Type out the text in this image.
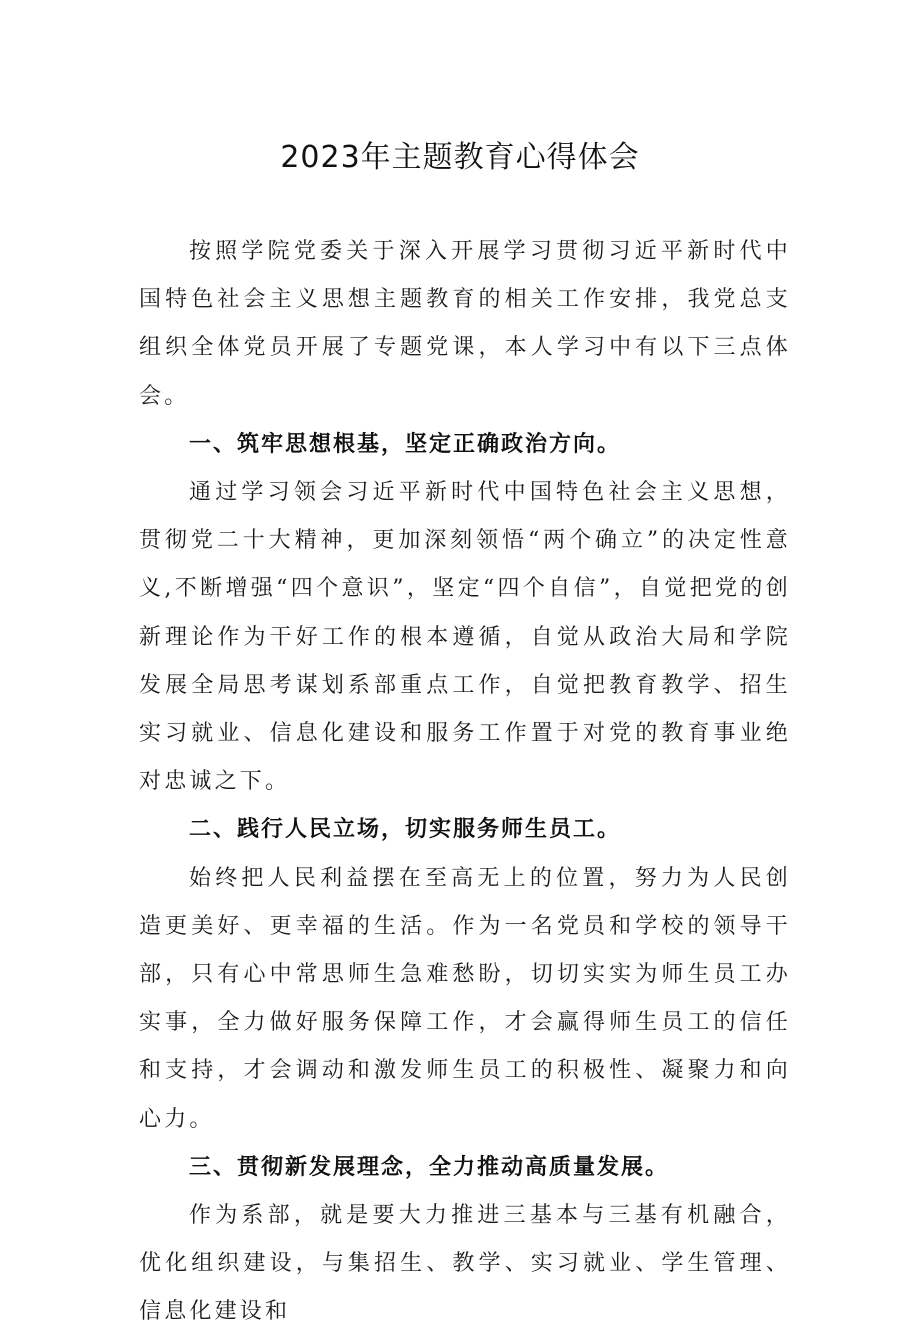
2023年主题教育心得体会

按照学院党委关于深入开展学习贯彻习近平新时代中国特色社会主义思想主题教育的相关工作安排，我党总支组织全体党员开展了专题党课，本人学习中有以下三点体会。

一、筑牢思想根基，坚定正确政治方向。

通过学习领会习近平新时代中国特色社会主义思想，贯彻党二十大精神，更加深刻领悟“两个确立”的决定性意义,不断增强“四个意识”，坚定“四个自信”，自觉把党的创新理论作为干好工作的根本遵循，自觉从政治大局和学院发展全局思考谋划系部重点工作，自觉把教育教学、招生实习就业、信息化建设和服务工作置于对党的教育事业绝对忠诚之下。

二、践行人民立场，切实服务师生员工。

始终把人民利益摆在至高无上的位置，努力为人民创造更美好、更幸福的生活。作为一名党员和学校的领导干部，只有心中常思师生急难愁盼，切切实实为师生员工办实事，全力做好服务保障工作，才会赢得师生员工的信任和支持，才会调动和激发师生员工的积极性、凝聚力和向心力。

三、贯彻新发展理念，全力推动高质量发展。

作为系部，就是要大力推进三基本与三基有机融合，优化组织建设，与集招生、教学、实习就业、学生管理、信息化建设和
